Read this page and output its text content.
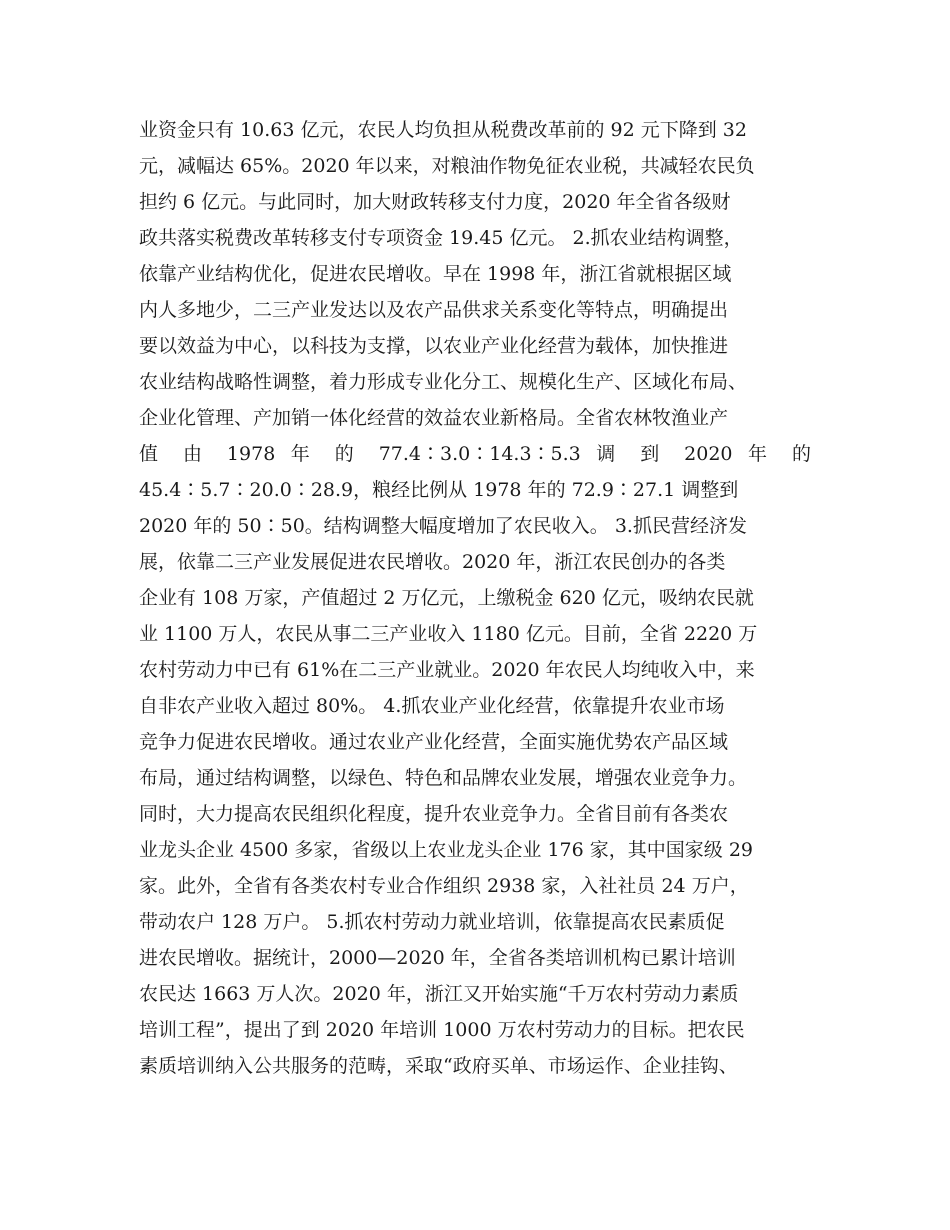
业资金只有 10.63 亿元，农民人均负担从税费改革前的 92 元下降到 32
元，减幅达 65%。2020 年以来，对粮油作物免征农业税，共减轻农民负
担约 6 亿元。与此同时，加大财政转移支付力度，2020 年全省各级财
政共落实税费改革转移支付专项资金 19.45 亿元。 2.抓农业结构调整，
依靠产业结构优化，促进农民增收。早在 1998 年，浙江省就根据区域
内人多地少，二三产业发达以及农产品供求关系变化等特点，明确提出
要以效益为中心，以科技为支撑，以农业产业化经营为载体，加快推进
农业结构战略性调整，着力形成专业化分工、规模化生产、区域化布局、
企业化管理、产加销一体化经营的效益农业新格局。全省农林牧渔业产
值 由 1978 年 的 77.4∶3.0∶14.3∶5.3 调 到 2020 年 的
45.4∶5.7∶20.0∶28.9，粮经比例从 1978 年的 72.9∶27.1 调整到
2020 年的 50∶50。结构调整大幅度增加了农民收入。 3.抓民营经济发
展，依靠二三产业发展促进农民增收。2020 年，浙江农民创办的各类
企业有 108 万家，产值超过 2 万亿元，上缴税金 620 亿元，吸纳农民就
业 1100 万人，农民从事二三产业收入 1180 亿元。目前，全省 2220 万
农村劳动力中已有 61%在二三产业就业。2020 年农民人均纯收入中，来
自非农产业收入超过 80%。 4.抓农业产业化经营，依靠提升农业市场
竞争力促进农民增收。通过农业产业化经营，全面实施优势农产品区域
布局，通过结构调整，以绿色、特色和品牌农业发展，增强农业竞争力。
同时，大力提高农民组织化程度，提升农业竞争力。全省目前有各类农
业龙头企业 4500 多家，省级以上农业龙头企业 176 家，其中国家级 29
家。此外，全省有各类农村专业合作组织 2938 家，入社社员 24 万户，
带动农户 128 万户。 5.抓农村劳动力就业培训，依靠提高农民素质促
进农民增收。据统计，2000—2020 年，全省各类培训机构已累计培训
农民达 1663 万人次。2020 年，浙江又开始实施“千万农村劳动力素质
培训工程”，提出了到 2020 年培训 1000 万农村劳动力的目标。把农民
素质培训纳入公共服务的范畴，采取“政府买单、市场运作、企业挂钩、
